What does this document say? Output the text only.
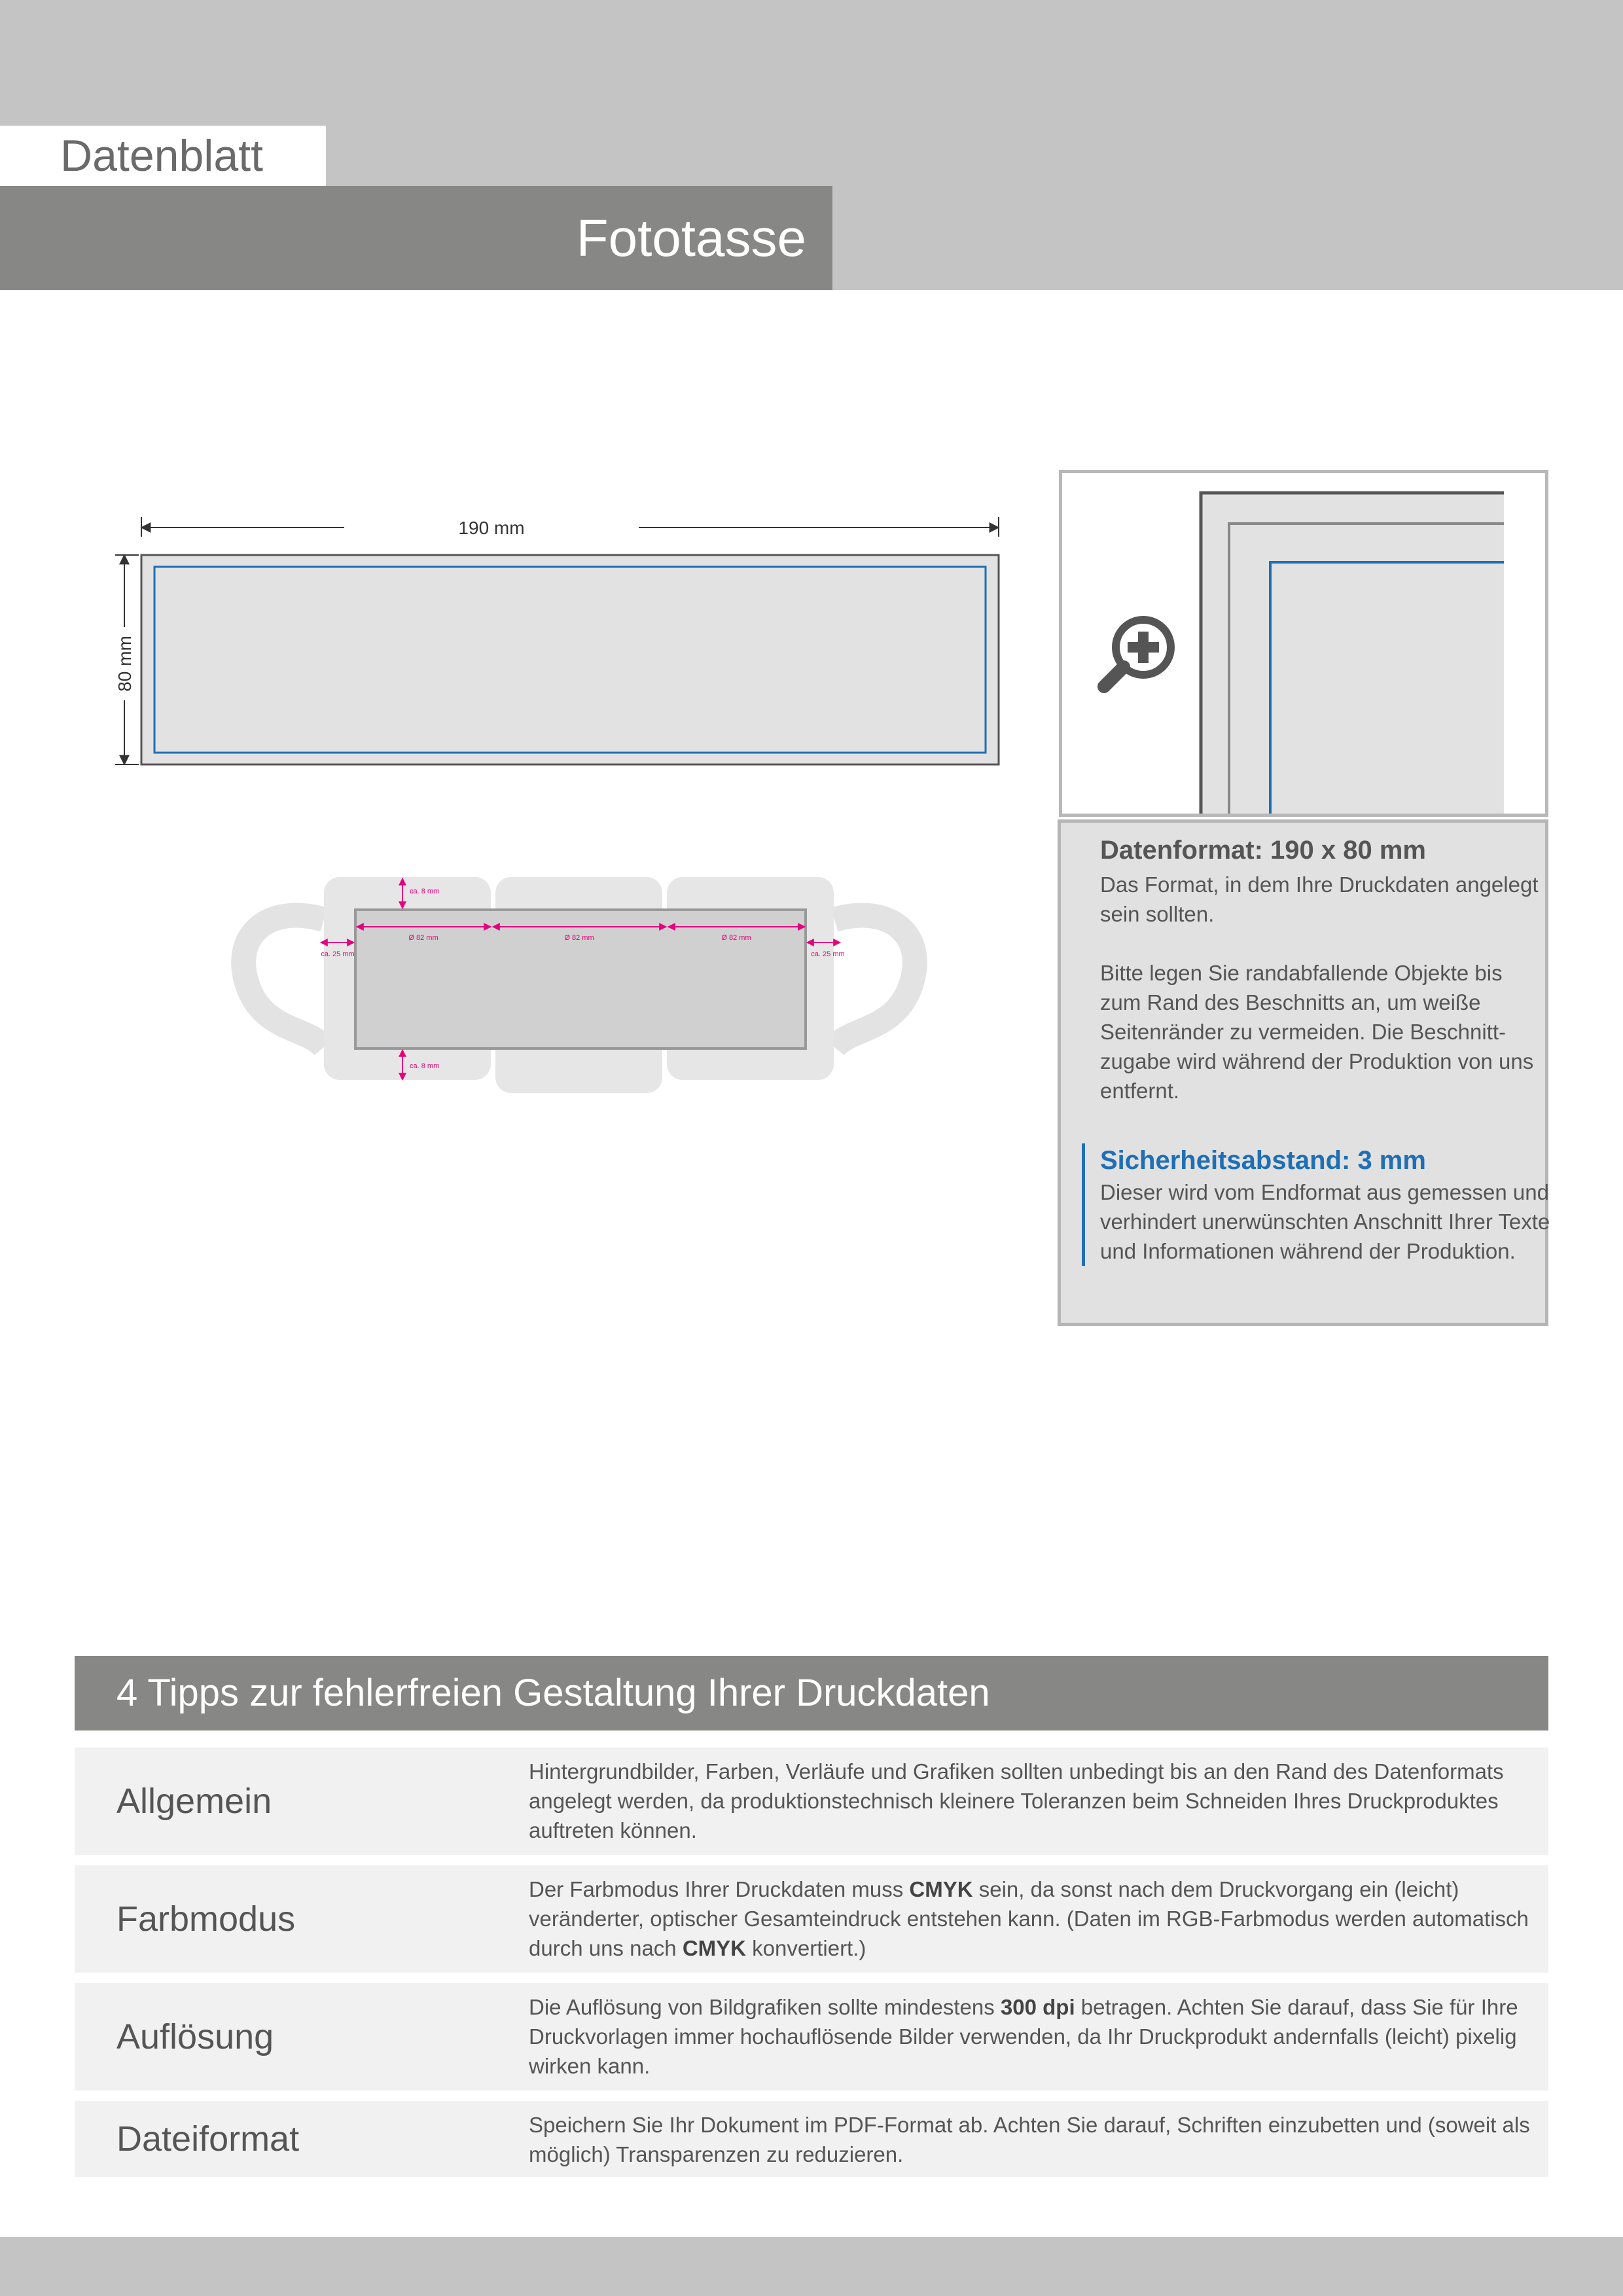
Datenblatt
Fototasse
190 mm
80 mm
ca. 8 mm
ca. 8 mm
Ø 82 mm	Ø 82 mm	Ø 82 mm
ca. 25 mm	ca. 25 mm
Datenformat: 190 x 80 mm

Das Format, in dem Ihre Druckdaten angelegt sein sollten.

Bitte legen Sie randabfallende Objekte bis zum Rand des Beschnitts an, um weiße Seitenränder zu vermeiden. Die Beschnitt-zugabe wird während der Produktion von uns entfernt.

Sicherheitsabstand: 3 mm
Dieser wird vom Endformat aus gemessen und verhindert unerwünschten Anschnitt Ihrer Texte und Informationen während der Produktion.
4 Tipps zur fehlerfreien Gestaltung Ihrer Druckdaten
Allgemein
Hintergrundbilder, Farben, Verläufe und Grafiken sollten unbedingt bis an den Rand des Datenformats angelegt werden, da produktionstechnisch kleinere Toleranzen beim Schneiden Ihres Druckproduktes auftreten können.
Farbmodus
Der Farbmodus Ihrer Druckdaten muss CMYK sein, da sonst nach dem Druckvorgang ein (leicht) veränderter, optischer Gesamteindruck entstehen kann. (Daten im RGB-Farbmodus werden automatisch durch uns nach CMYK konvertiert.)
Auflösung
Die Auflösung von Bildgrafiken sollte mindestens 300 dpi betragen. Achten Sie darauf, dass Sie für Ihre Druckvorlagen immer hochauflösende Bilder verwenden, da Ihr Druckprodukt andernfalls (leicht) pixelig wirken kann.
Dateiformat	Speichern Sie Ihr Dokument im PDF-Format ab. Achten Sie darauf, Schriften einzubetten und (soweit als möglich) Transparenzen zu reduzieren.
